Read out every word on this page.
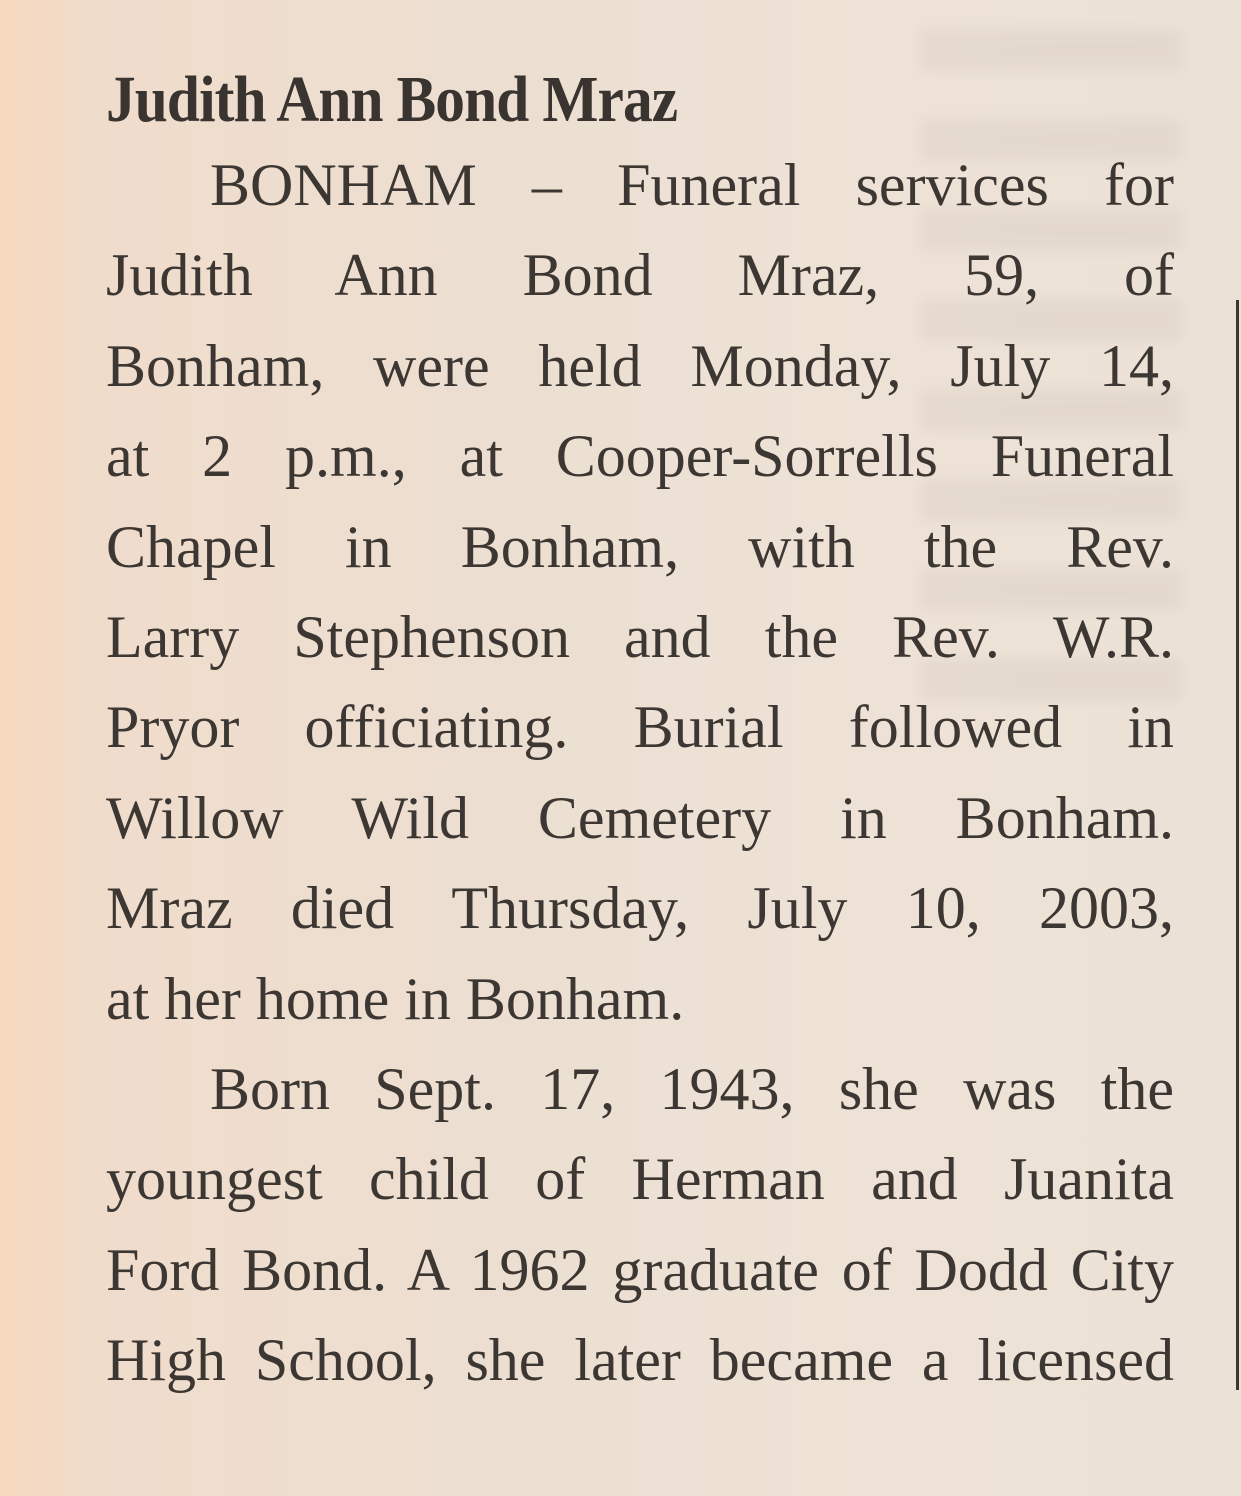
Judith Ann Bond Mraz
BONHAM – Funeral services for
Judith Ann Bond Mraz, 59, of
Bonham, were held Monday, July 14,
at 2 p.m., at Cooper-Sorrells Funeral
Chapel in Bonham, with the Rev.
Larry Stephenson and the Rev. W.R.
Pryor officiating. Burial followed in
Willow Wild Cemetery in Bonham.
Mraz died Thursday, July 10, 2003,
at her home in Bonham.
Born Sept. 17, 1943, she was the
youngest child of Herman and Juanita
Ford Bond. A 1962 graduate of Dodd City
High School, she later became a licensed
